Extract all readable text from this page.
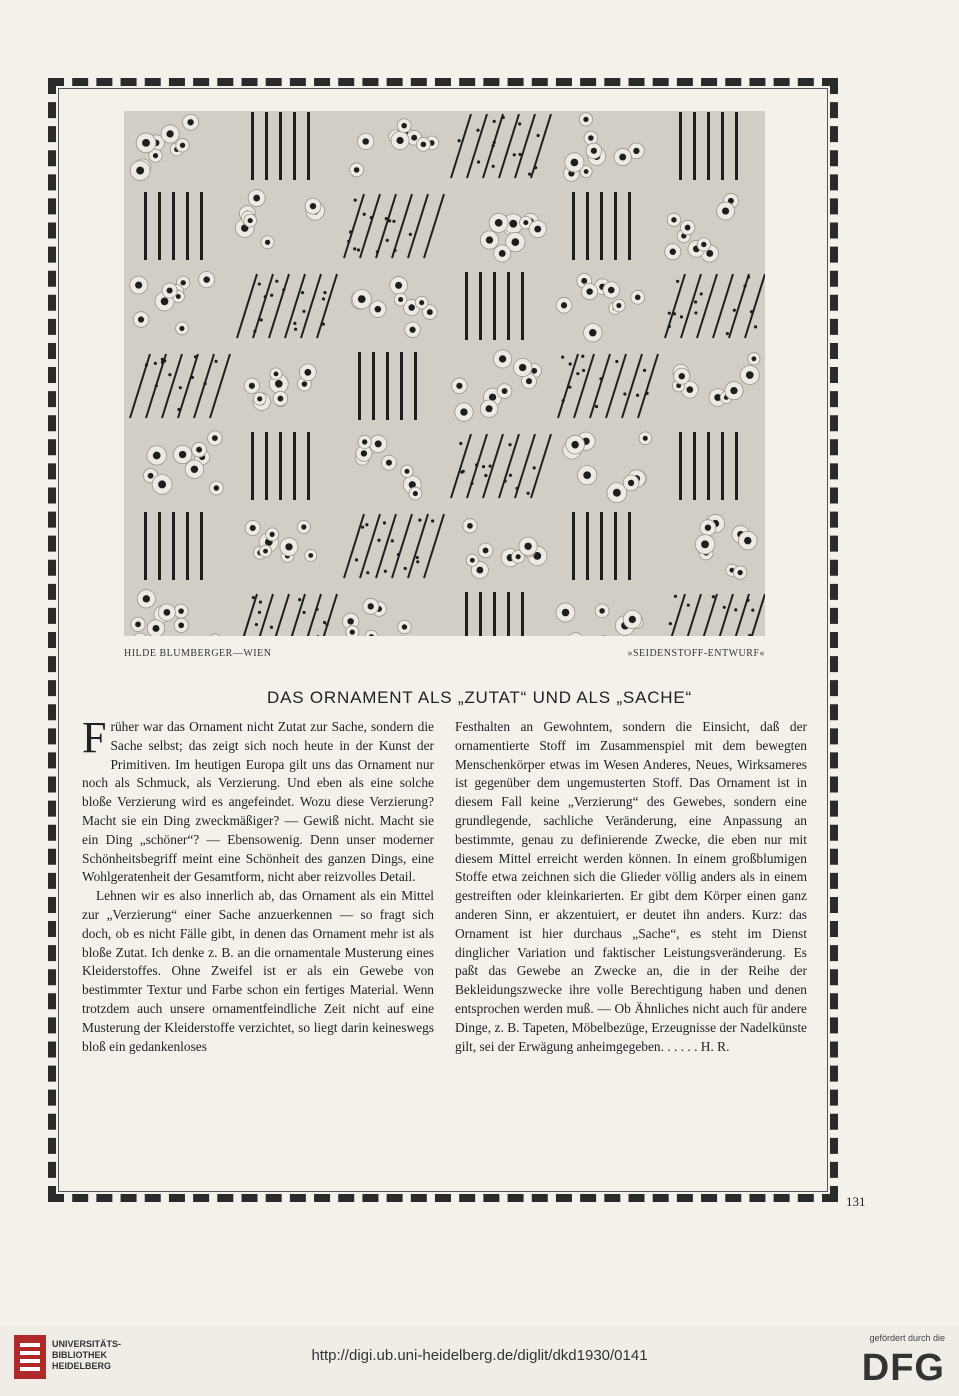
HILDE BLUMBERGER—WIEN	»SEIDENSTOFF-ENTWURF«
DAS ORNAMENT ALS „ZUTAT“ UND ALS „SACHE“

Früher war das Ornament nicht Zutat zur Sache, sondern die Sache selbst; das zeigt sich noch heute in der Kunst der Primitiven. Im heutigen Europa gilt uns das Ornament nur noch als Schmuck, als Verzierung. Und eben als eine solche bloße Verzierung wird es angefeindet. Wozu diese Verzierung? Macht sie ein Ding zweckmäßiger? — Gewiß nicht. Macht sie ein Ding „schöner“? — Ebensowenig. Denn unser moderner Schönheitsbegriff meint eine Schönheit des ganzen Dings, eine Wohlgeratenheit der Gesamtform, nicht aber reizvolles Detail.

Lehnen wir es also innerlich ab, das Ornament als ein Mittel zur „Verzierung“ einer Sache anzuerkennen — so fragt sich doch, ob es nicht Fälle gibt, in denen das Ornament mehr ist als bloße Zutat. Ich denke z. B. an die ornamentale Musterung eines Kleiderstoffes. Ohne Zweifel ist er als ein Gewebe von bestimmter Textur und Farbe schon ein fertiges Material. Wenn trotzdem auch unsere ornamentfeindliche Zeit nicht auf eine Musterung der Kleiderstoffe verzichtet, so liegt darin keineswegs bloß ein gedankenloses

Festhalten an Gewohntem, sondern die Einsicht, daß der ornamentierte Stoff im Zusammenspiel mit dem bewegten Menschenkörper etwas im Wesen Anderes, Neues, Wirksameres ist gegenüber dem ungemusterten Stoff. Das Ornament ist in diesem Fall keine „Verzierung“ des Gewebes, sondern eine grundlegende, sachliche Veränderung, eine Anpassung an bestimmte, genau zu definierende Zwecke, die eben nur mit diesem Mittel erreicht werden können. In einem großblumigen Stoffe etwa zeichnen sich die Glieder völlig anders als in einem gestreiften oder kleinkarierten. Er gibt dem Körper einen ganz anderen Sinn, er akzentuiert, er deutet ihn anders. Kurz: das Ornament ist hier durchaus „Sache“, es steht im Dienst dinglicher Variation und faktischer Leistungsveränderung. Es paßt das Gewebe an Zwecke an, die in der Reihe der Bekleidungszwecke ihre volle Berechtigung haben und denen entsprochen werden muß. — Ob Ähnliches nicht auch für andere Dinge, z. B. Tapeten, Möbelbezüge, Erzeugnisse der Nadelkünste gilt, sei der Erwägung anheimgegeben. . . . . . H. R.

131
UNIVERSITÄTS-
BIBLIOTHEK
HEIDELBERG
http://digi.ub.uni-heidelberg.de/diglit/dkd1930/0141
gefördert durch die
DFG
